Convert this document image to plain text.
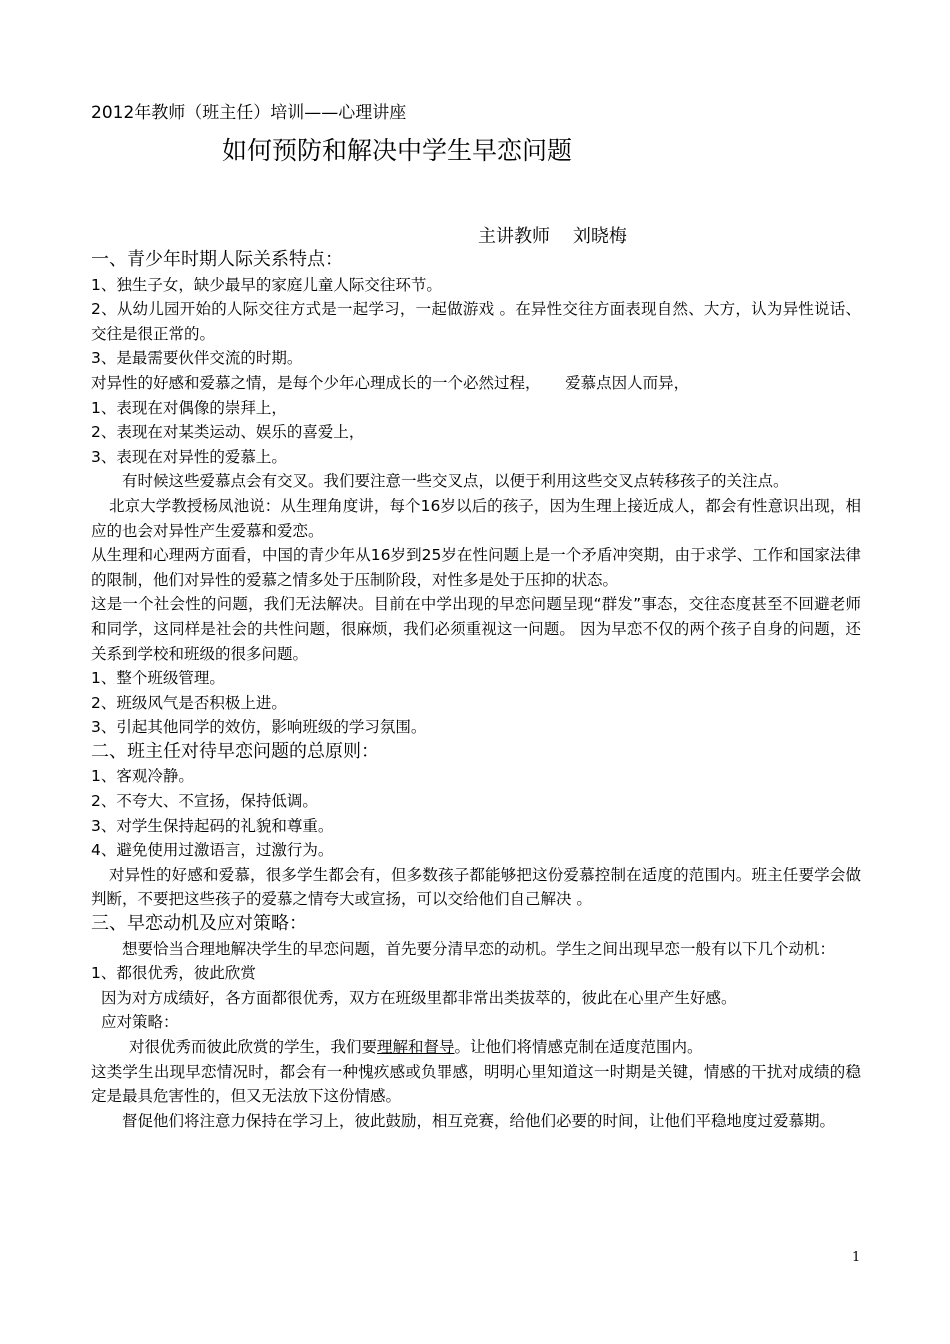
2012年教师（班主任）培训——心理讲座
如何预防和解决中学生早恋问题
主讲教师    刘晓梅

一、青少年时期人际关系特点：

1、独生子女，缺少最早的家庭儿童人际交往环节。

2、从幼儿园开始的人际交往方式是一起学习，一起做游戏 。在异性交往方面表现自然、大方，认为异性说话、交往是很正常的。

3、是最需要伙伴交流的时期。

对异性的好感和爱慕之情，是每个少年心理成长的一个必然过程，     爱慕点因人而异，

1、表现在对偶像的崇拜上，

2、表现在对某类运动、娱乐的喜爱上，

3、表现在对异性的爱慕上。

有时候这些爱慕点会有交叉。我们要注意一些交叉点，以便于利用这些交叉点转移孩子的关注点。

北京大学教授杨凤池说：从生理角度讲，每个16岁以后的孩子，因为生理上接近成人，都会有性意识出现，相应的也会对异性产生爱慕和爱恋。

从生理和心理两方面看，中国的青少年从16岁到25岁在性问题上是一个矛盾冲突期，由于求学、工作和国家法律的限制，他们对异性的爱慕之情多处于压制阶段，对性多是处于压抑的状态。

这是一个社会性的问题，我们无法解决。目前在中学出现的早恋问题呈现“群发”事态，交往态度甚至不回避老师和同学，这同样是社会的共性问题，很麻烦，我们必须重视这一问题。 因为早恋不仅的两个孩子自身的问题，还关系到学校和班级的很多问题。

1、整个班级管理。

2、班级风气是否积极上进。

3、引起其他同学的效仿，影响班级的学习氛围。

二、班主任对待早恋问题的总原则：

1、客观冷静。

2、不夸大、不宣扬，保持低调。

3、对学生保持起码的礼貌和尊重。

4、避免使用过激语言，过激行为。

对异性的好感和爱慕，很多学生都会有，但多数孩子都能够把这份爱慕控制在适度的范围内。班主任要学会做判断，不要把这些孩子的爱慕之情夸大或宣扬，可以交给他们自己解决 。

三、早恋动机及应对策略：

想要恰当合理地解决学生的早恋问题，首先要分清早恋的动机。学生之间出现早恋一般有以下几个动机：

1、都很优秀，彼此欣赏

因为对方成绩好，各方面都很优秀，双方在班级里都非常出类拔萃的，彼此在心里产生好感。

应对策略：

对很优秀而彼此欣赏的学生，我们要理解和督导。让他们将情感克制在适度范围内。

这类学生出现早恋情况时，都会有一种愧疚感或负罪感，明明心里知道这一时期是关键，情感的干扰对成绩的稳定是最具危害性的，但又无法放下这份情感。

督促他们将注意力保持在学习上，彼此鼓励，相互竞赛，给他们必要的时间，让他们平稳地度过爱慕期。

1
